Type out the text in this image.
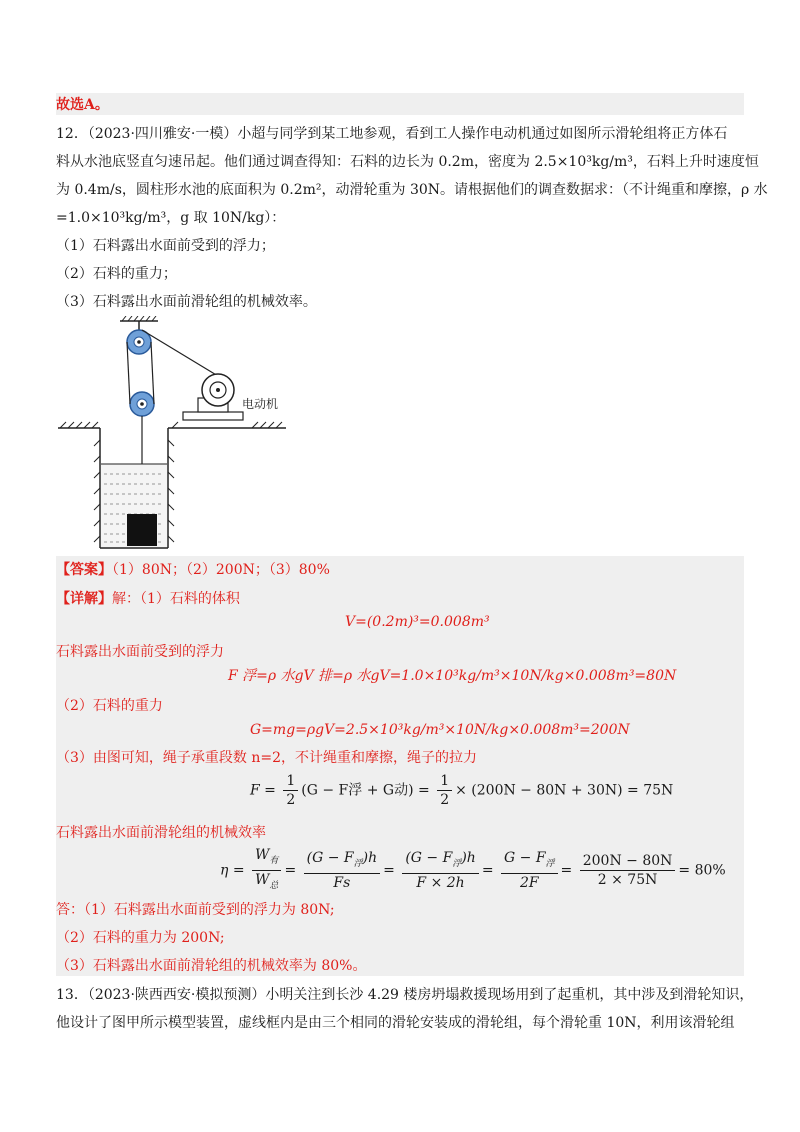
故选A。
12．（2023·四川雅安·一模）小超与同学到某工地参观，看到工人操作电动机通过如图所示滑轮组将正方体石
料从水池底竖直匀速吊起。他们通过调查得知：石料的边长为 0.2m，密度为 2.5×10³kg/m³，石料上升时速度恒
为 0.4m/s，圆柱形水池的底面积为 0.2m²，动滑轮重为 30N。请根据他们的调查数据求：（不计绳重和摩擦，ρ 水
=1.0×10³kg/m³，g 取 10N/kg）：
（1）石料露出水面前受到的浮力；
（2）石料的重力；
（3）石料露出水面前滑轮组的机械效率。
电动机
【答案】（1）80N；（2）200N；（3）80%
【详解】解：（1）石料的体积
V=(0.2m)³=0.008m³
石料露出水面前受到的浮力
F 浮=ρ 水gV 排=ρ 水gV=1.0×10³kg/m³×10N/kg×0.008m³=80N
（2）石料的重力
G=mg=ρgV=2.5×10³kg/m³×10N/kg×0.008m³=200N
（3）由图可知，绳子承重段数 n=2，不计绳重和摩擦，绳子的拉力
$F = \frac{1}{2} (G - F$浮 + G动) = $\frac{1}{2} \times (200N - 80N + 30N) = 75N$
石料露出水面前滑轮组的机械效率
$\eta = \frac{W_有}{W_总} = \frac{(G - F_浮)h}{Fs} = \frac{(G - F_浮)h}{F \times 2h} = \frac{G - F_浮}{2F} = \frac{200N - 80N}{2 \times 75N} = 80\%$
答：（1）石料露出水面前受到的浮力为 80N;
（2）石料的重力为 200N;
（3）石料露出水面前滑轮组的机械效率为 80%。
13．（2023·陕西西安·模拟预测）小明关注到长沙 4.29 楼房坍塌救援现场用到了起重机，其中涉及到滑轮知识，
他设计了图甲所示模型装置，虚线框内是由三个相同的滑轮安装成的滑轮组，每个滑轮重 10N，利用该滑轮组
